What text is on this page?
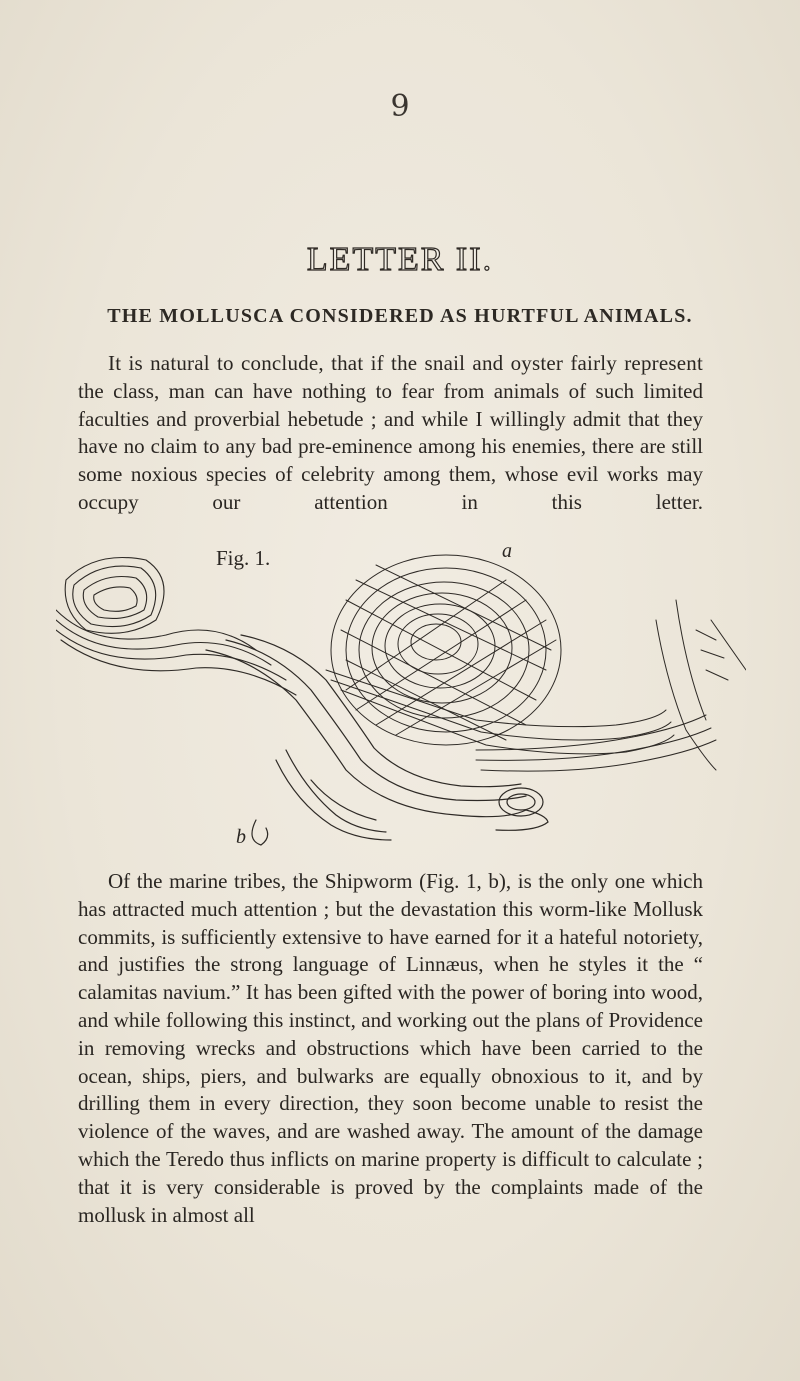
9
LETTER II.
THE MOLLUSCA CONSIDERED AS HURTFUL ANIMALS.

It is natural to conclude, that if the snail and oyster fairly represent the class, man can have nothing to fear from animals of such limited faculties and proverbial hebetude ; and while I willingly admit that they have no claim to any bad pre-eminence among his enemies, there are still some noxious species of celebrity among them, whose evil works may occupy our attention in this letter.

Fig. 1.	a
b

Of the marine tribes, the Shipworm (Fig. 1, b), is the only one which has attracted much attention ; but the devastation this worm-like Mollusk commits, is sufficiently extensive to have earned for it a hateful notoriety, and justifies the strong language of Linnæus, when he styles it the “ calamitas navium.” It has been gifted with the power of boring into wood, and while following this instinct, and working out the plans of Providence in removing wrecks and obstructions which have been carried to the ocean, ships, piers, and bulwarks are equally obnoxious to it, and by drilling them in every direction, they soon become unable to resist the violence of the waves, and are washed away. The amount of the damage which the Teredo thus inflicts on marine property is difficult to calculate ; that it is very considerable is proved by the complaints made of the mollusk in almost all
